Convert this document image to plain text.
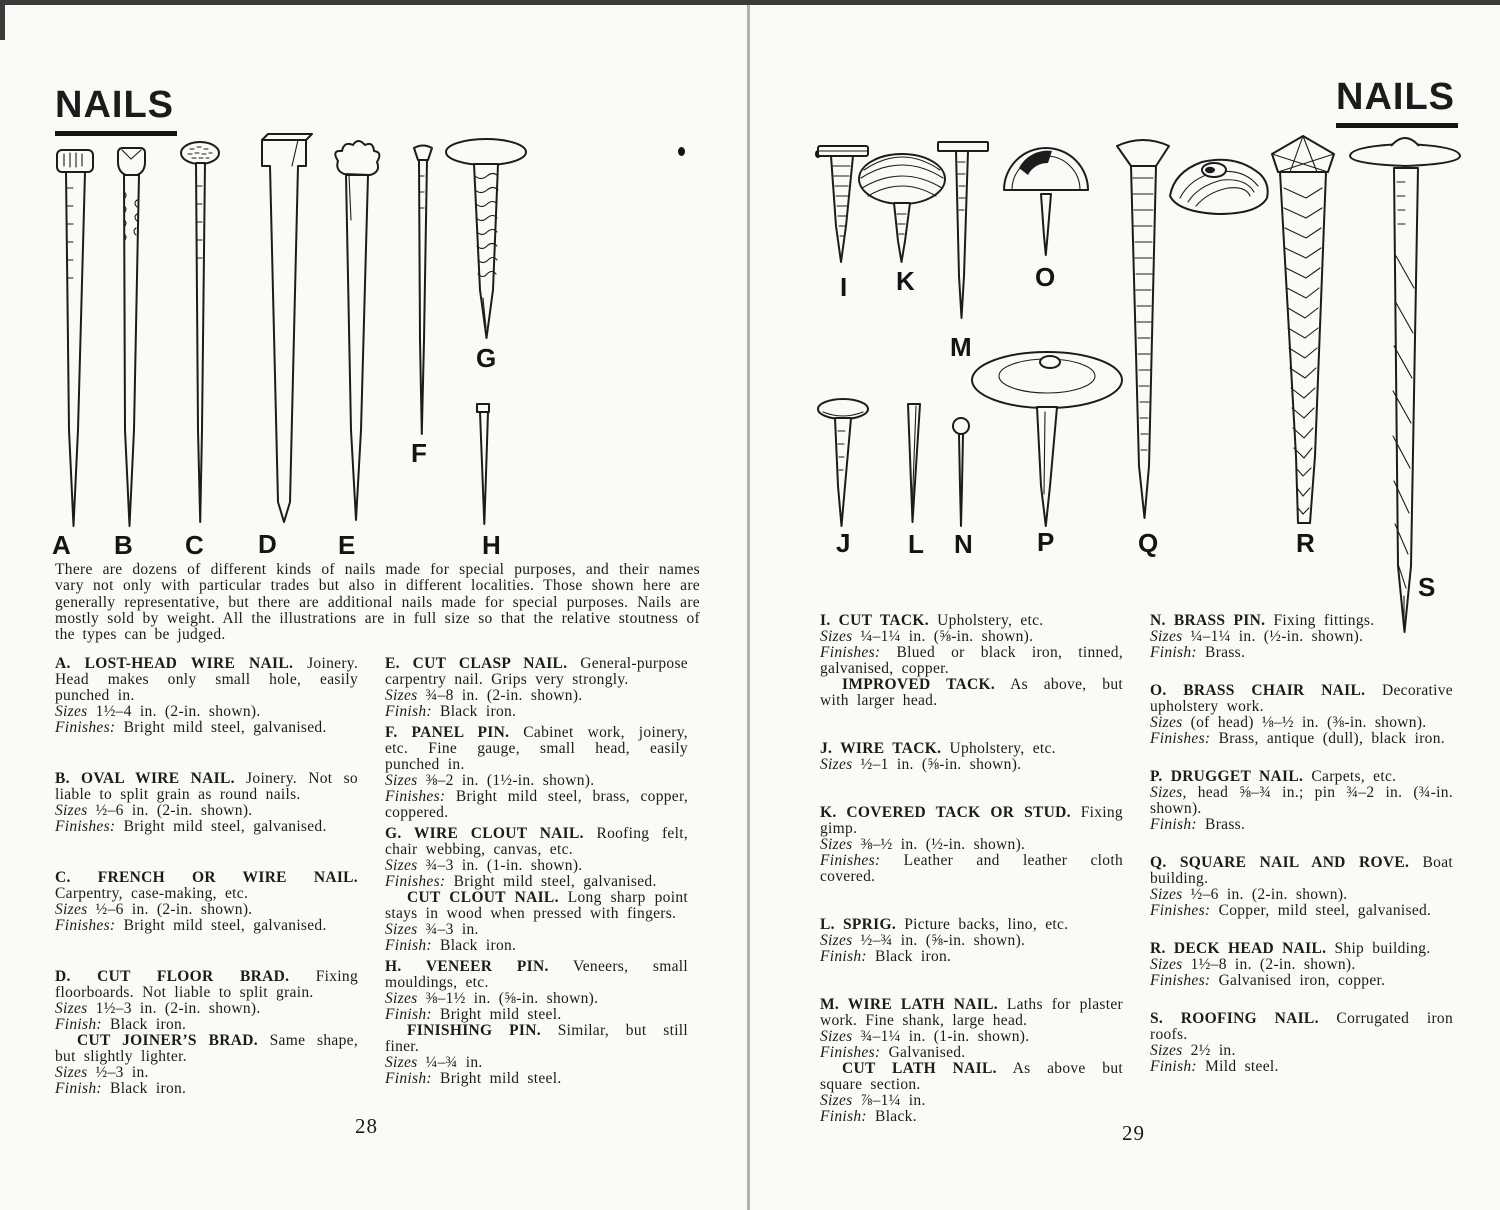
NAILS	NAILS
A B C D E
F
G
H
I K	O
M
J L N P	Q	R
S
There are dozens of different kinds of nails made for special purposes, and their names vary not only with particular trades but also in different localities. Those shown here are generally representative, but there are additional nails made for special purposes. Nails are mostly sold by weight. All the illustrations are in full size so that the relative stoutness of the types can be judged.

A. LOST-HEAD WIRE NAIL. Joinery. Head makes only small hole, easily punched in.

Sizes 1½–4 in. (2-in. shown).

Finishes: Bright mild steel, galvanised.

B. OVAL WIRE NAIL. Joinery. Not so liable to split grain as round nails.

Sizes ½–6 in. (2-in. shown).

Finishes: Bright mild steel, galvanised.

C. FRENCH OR WIRE NAIL. Carpentry, case-making, etc.

Sizes ½–6 in. (2-in. shown).

Finishes: Bright mild steel, galvanised.

D. CUT FLOOR BRAD. Fixing floorboards. Not liable to split grain.

Sizes 1½–3 in. (2-in. shown).

Finish: Black iron.

CUT JOINER’S BRAD. Same shape, but slightly lighter.

Sizes ½–3 in.

Finish: Black iron.

E. CUT CLASP NAIL. General-purpose carpentry nail. Grips very strongly.

Sizes ¾–8 in. (2-in. shown).

Finish: Black iron.

F. PANEL PIN. Cabinet work, joinery, etc. Fine gauge, small head, easily punched in.

Sizes ⅜–2 in. (1½-in. shown).

Finishes: Bright mild steel, brass, copper, coppered.

G. WIRE CLOUT NAIL. Roofing felt, chair webbing, canvas, etc.

Sizes ¾–3 in. (1-in. shown).

Finishes: Bright mild steel, galvanised.

CUT CLOUT NAIL. Long sharp point stays in wood when pressed with fingers.

Sizes ¾–3 in.

Finish: Black iron.

H. VENEER PIN. Veneers, small mouldings, etc.

Sizes ⅜–1½ in. (⅝-in. shown).

Finish: Bright mild steel.

FINISHING PIN. Similar, but still finer.

Sizes ¼–¾ in.

Finish: Bright mild steel.

I. CUT TACK. Upholstery, etc.

Sizes ¼–1¼ in. (⅝-in. shown).

Finishes: Blued or black iron, tinned, galvanised, copper.

IMPROVED TACK. As above, but with larger head.

J. WIRE TACK. Upholstery, etc.

Sizes ½–1 in. (⅝-in. shown).

K. COVERED TACK OR STUD. Fixing gimp.

Sizes ⅜–½ in. (½-in. shown).

Finishes: Leather and leather cloth covered.

L. SPRIG. Picture backs, lino, etc.

Sizes ½–¾ in. (⅝-in. shown).

Finish: Black iron.

M. WIRE LATH NAIL. Laths for plaster work. Fine shank, large head.

Sizes ¾–1¼ in. (1-in. shown).

Finishes: Galvanised.

CUT LATH NAIL. As above but square section.

Sizes ⅞–1¼ in.

Finish: Black.

N. BRASS PIN. Fixing fittings.

Sizes ¼–1¼ in. (½-in. shown).

Finish: Brass.

O. BRASS CHAIR NAIL. Decorative upholstery work.

Sizes (of head) ⅛–½ in. (⅜-in. shown).

Finishes: Brass, antique (dull), black iron.

P. DRUGGET NAIL. Carpets, etc.

Sizes, head ⅝–¾ in.; pin ¾–2 in. (¾-in. shown).

Finish: Brass.

Q. SQUARE NAIL AND ROVE. Boat building.

Sizes ½–6 in. (2-in. shown).

Finishes: Copper, mild steel, galvanised.

R. DECK HEAD NAIL. Ship building.

Sizes 1½–8 in. (2-in. shown).

Finishes: Galvanised iron, copper.

S. ROOFING NAIL. Corrugated iron roofs.

Sizes 2½ in.

Finish: Mild steel.

28	29
